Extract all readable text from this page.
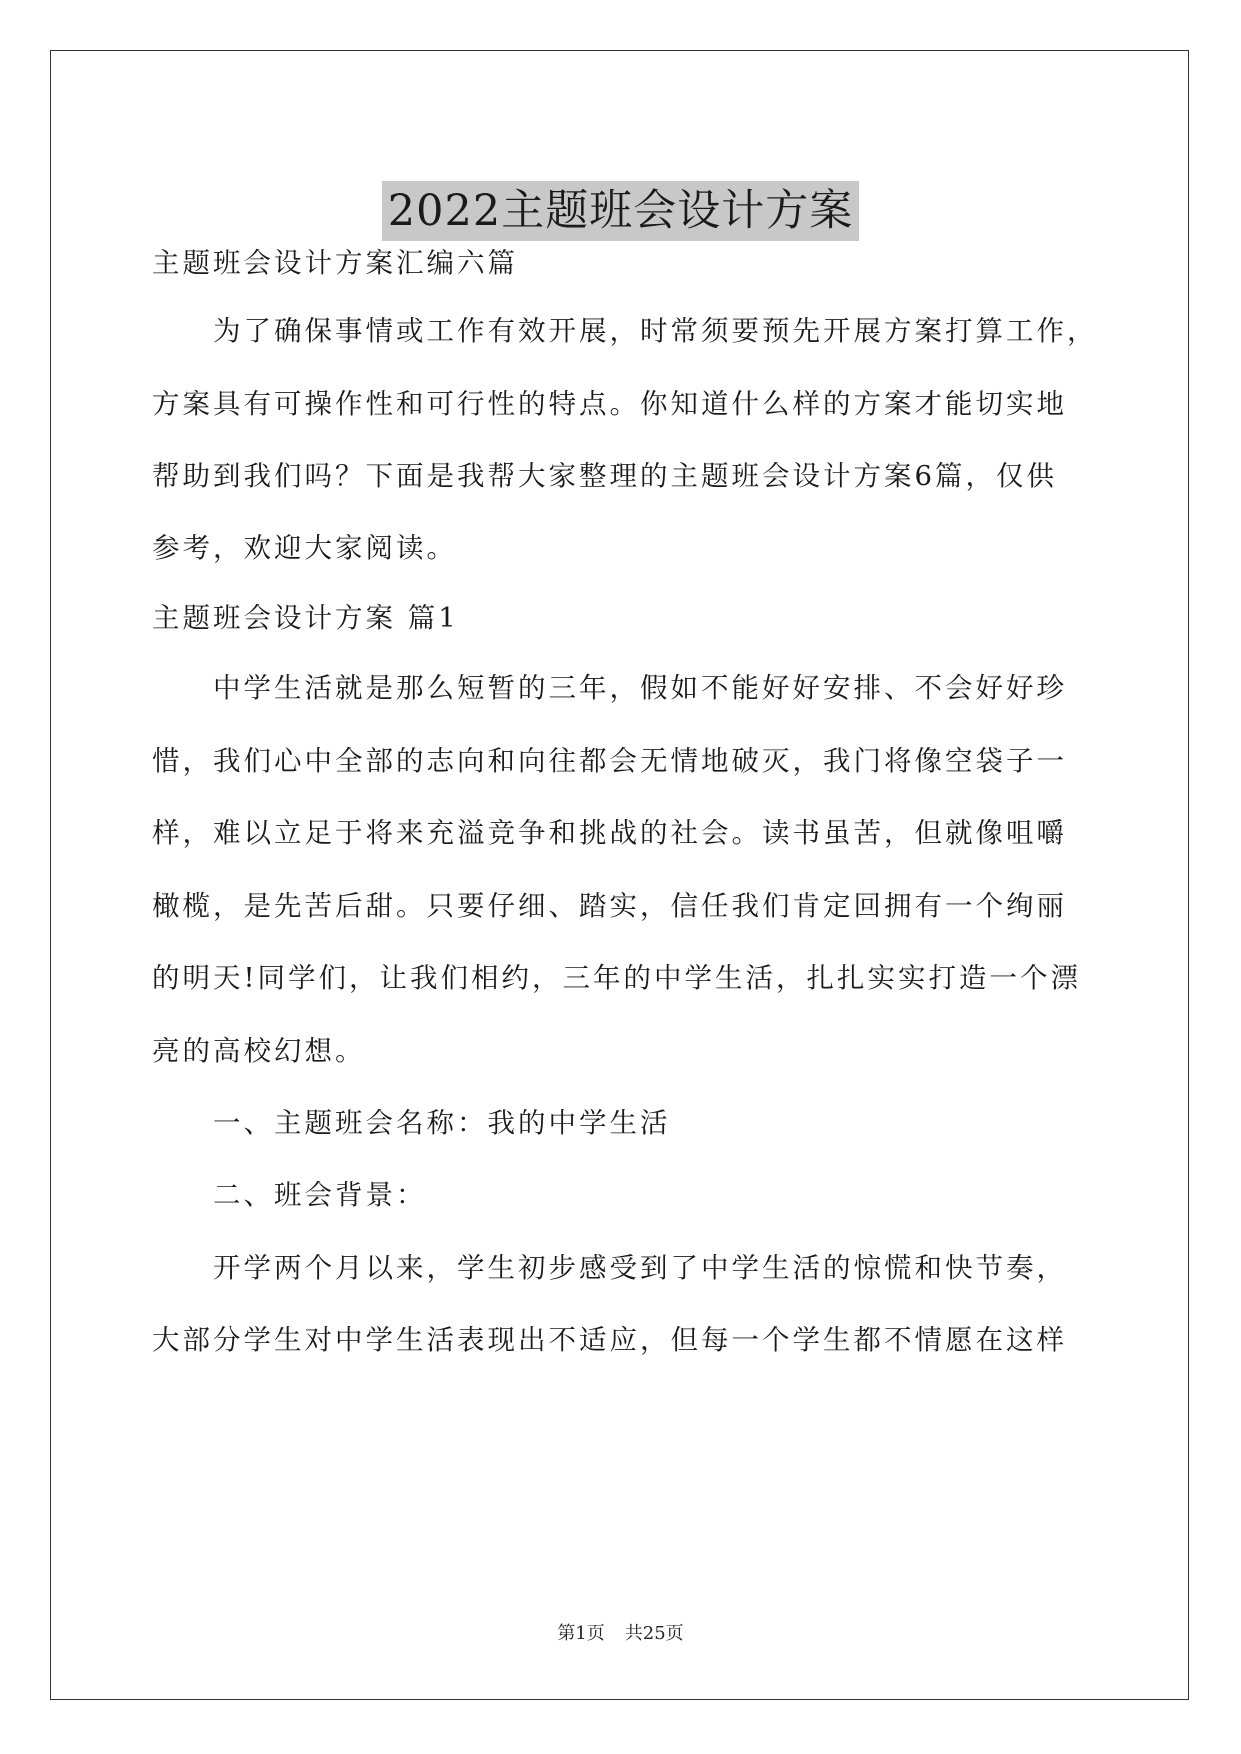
2022主题班会设计方案
主题班会设计方案汇编六篇
为了确保事情或工作有效开展，时常须要预先开展方案打算工作，
方案具有可操作性和可行性的特点。你知道什么样的方案才能切实地
帮助到我们吗？下面是我帮大家整理的主题班会设计方案6篇，仅供
参考，欢迎大家阅读。
主题班会设计方案 篇1
中学生活就是那么短暂的三年，假如不能好好安排、不会好好珍
惜，我们心中全部的志向和向往都会无情地破灭，我门将像空袋子一
样，难以立足于将来充溢竞争和挑战的社会。读书虽苦，但就像咀嚼
橄榄，是先苦后甜。只要仔细、踏实，信任我们肯定回拥有一个绚丽
的明天!同学们，让我们相约，三年的中学生活，扎扎实实打造一个漂
亮的高校幻想。
一、主题班会名称：我的中学生活
二、班会背景：
开学两个月以来，学生初步感受到了中学生活的惊慌和快节奏，
大部分学生对中学生活表现出不适应，但每一个学生都不情愿在这样
第1页 共25页
